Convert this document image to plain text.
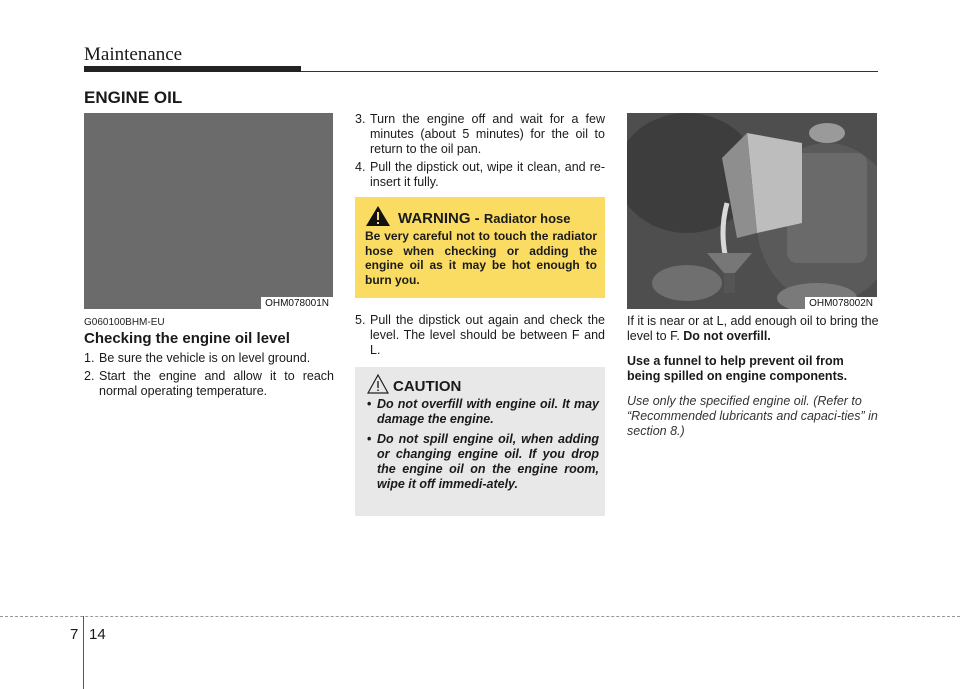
Maintenance
ENGINE OIL
OHM078001N
G060100BHM-EU
Checking the engine oil level
1. Be sure the vehicle is on level ground.
2. Start the engine and allow it to reach normal operating temperature.
3. Turn the engine off and wait for a few minutes (about 5 minutes) for the oil to return to the oil pan.
4. Pull the dipstick out, wipe it clean, and re-insert it fully.
WARNING - Radiator hose
Be very careful not to touch the radiator hose when checking or adding the engine oil as it may be hot enough to burn you.
5. Pull the dipstick out again and check the level. The level should be between F and L.
CAUTION
• Do not overfill with engine oil. It may damage the engine.
• Do not spill engine oil, when adding or changing engine oil. If you drop the engine oil on the engine room, wipe it off immedi-ately.
OHM078002N

If it is near or at L, add enough oil to bring the level to F. Do not overfill.

Use a funnel to help prevent oil from being spilled on engine components.

Use only the specified engine oil. (Refer to “Recommended lubricants and capaci-ties” in section 8.)

7 14
